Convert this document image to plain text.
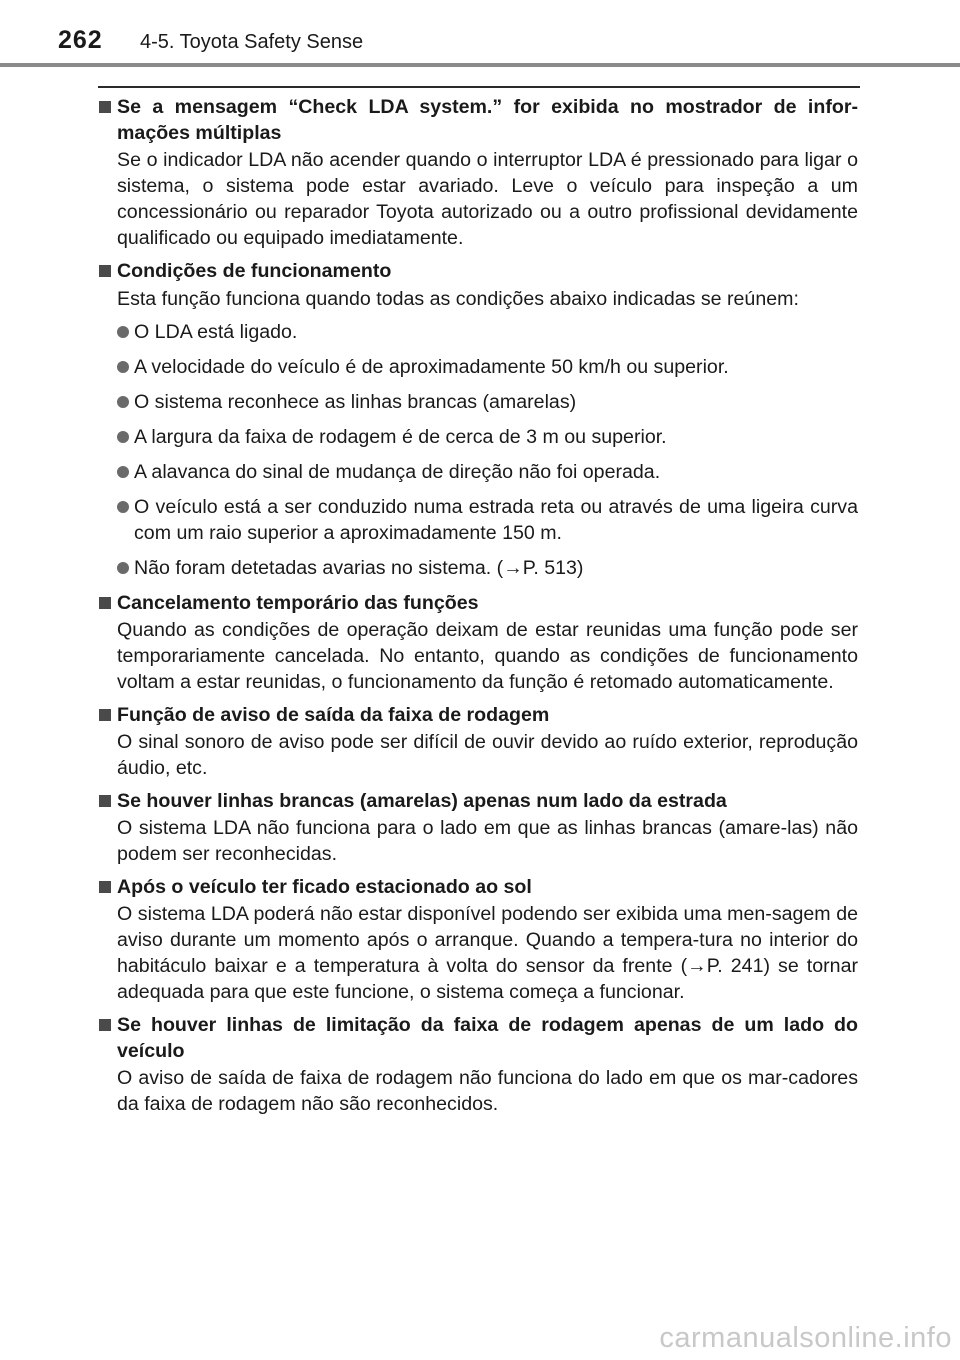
262 4-5. Toyota Safety Sense
Se a mensagem “Check LDA system.” for exibida no mostrador de infor-mações múltiplas
Se o indicador LDA não acender quando o interruptor LDA é pressionado para ligar o sistema, o sistema pode estar avariado. Leve o veículo para inspeção a um concessionário ou reparador Toyota autorizado ou a outro profissional devidamente qualificado ou equipado imediatamente.
Condições de funcionamento
Esta função funciona quando todas as condições abaixo indicadas se reúnem:
O LDA está ligado.
A velocidade do veículo é de aproximadamente 50 km/h ou superior.
O sistema reconhece as linhas brancas (amarelas)
A largura da faixa de rodagem é de cerca de 3 m ou superior.
A alavanca do sinal de mudança de direção não foi operada.
O veículo está a ser conduzido numa estrada reta ou através de uma ligeira curva com um raio superior a aproximadamente 150 m.
Não foram detetadas avarias no sistema. (→P. 513)
Cancelamento temporário das funções
Quando as condições de operação deixam de estar reunidas uma função pode ser temporariamente cancelada. No entanto, quando as condições de funcionamento voltam a estar reunidas, o funcionamento da função é retomado automaticamente.
Função de aviso de saída da faixa de rodagem
O sinal sonoro de aviso pode ser difícil de ouvir devido ao ruído exterior, reprodução áudio, etc.
Se houver linhas brancas (amarelas) apenas num lado da estrada
O sistema LDA não funciona para o lado em que as linhas brancas (amare-las) não podem ser reconhecidas.
Após o veículo ter ficado estacionado ao sol
O sistema LDA poderá não estar disponível podendo ser exibida uma men-sagem de aviso durante um momento após o arranque. Quando a tempera-tura no interior do habitáculo baixar e a temperatura à volta do sensor da frente (→P. 241) se tornar adequada para que este funcione, o sistema começa a funcionar.
Se houver linhas de limitação da faixa de rodagem apenas de um lado do veículo
O aviso de saída de faixa de rodagem não funciona do lado em que os mar-cadores da faixa de rodagem não são reconhecidos.
carmanualsonline.info
